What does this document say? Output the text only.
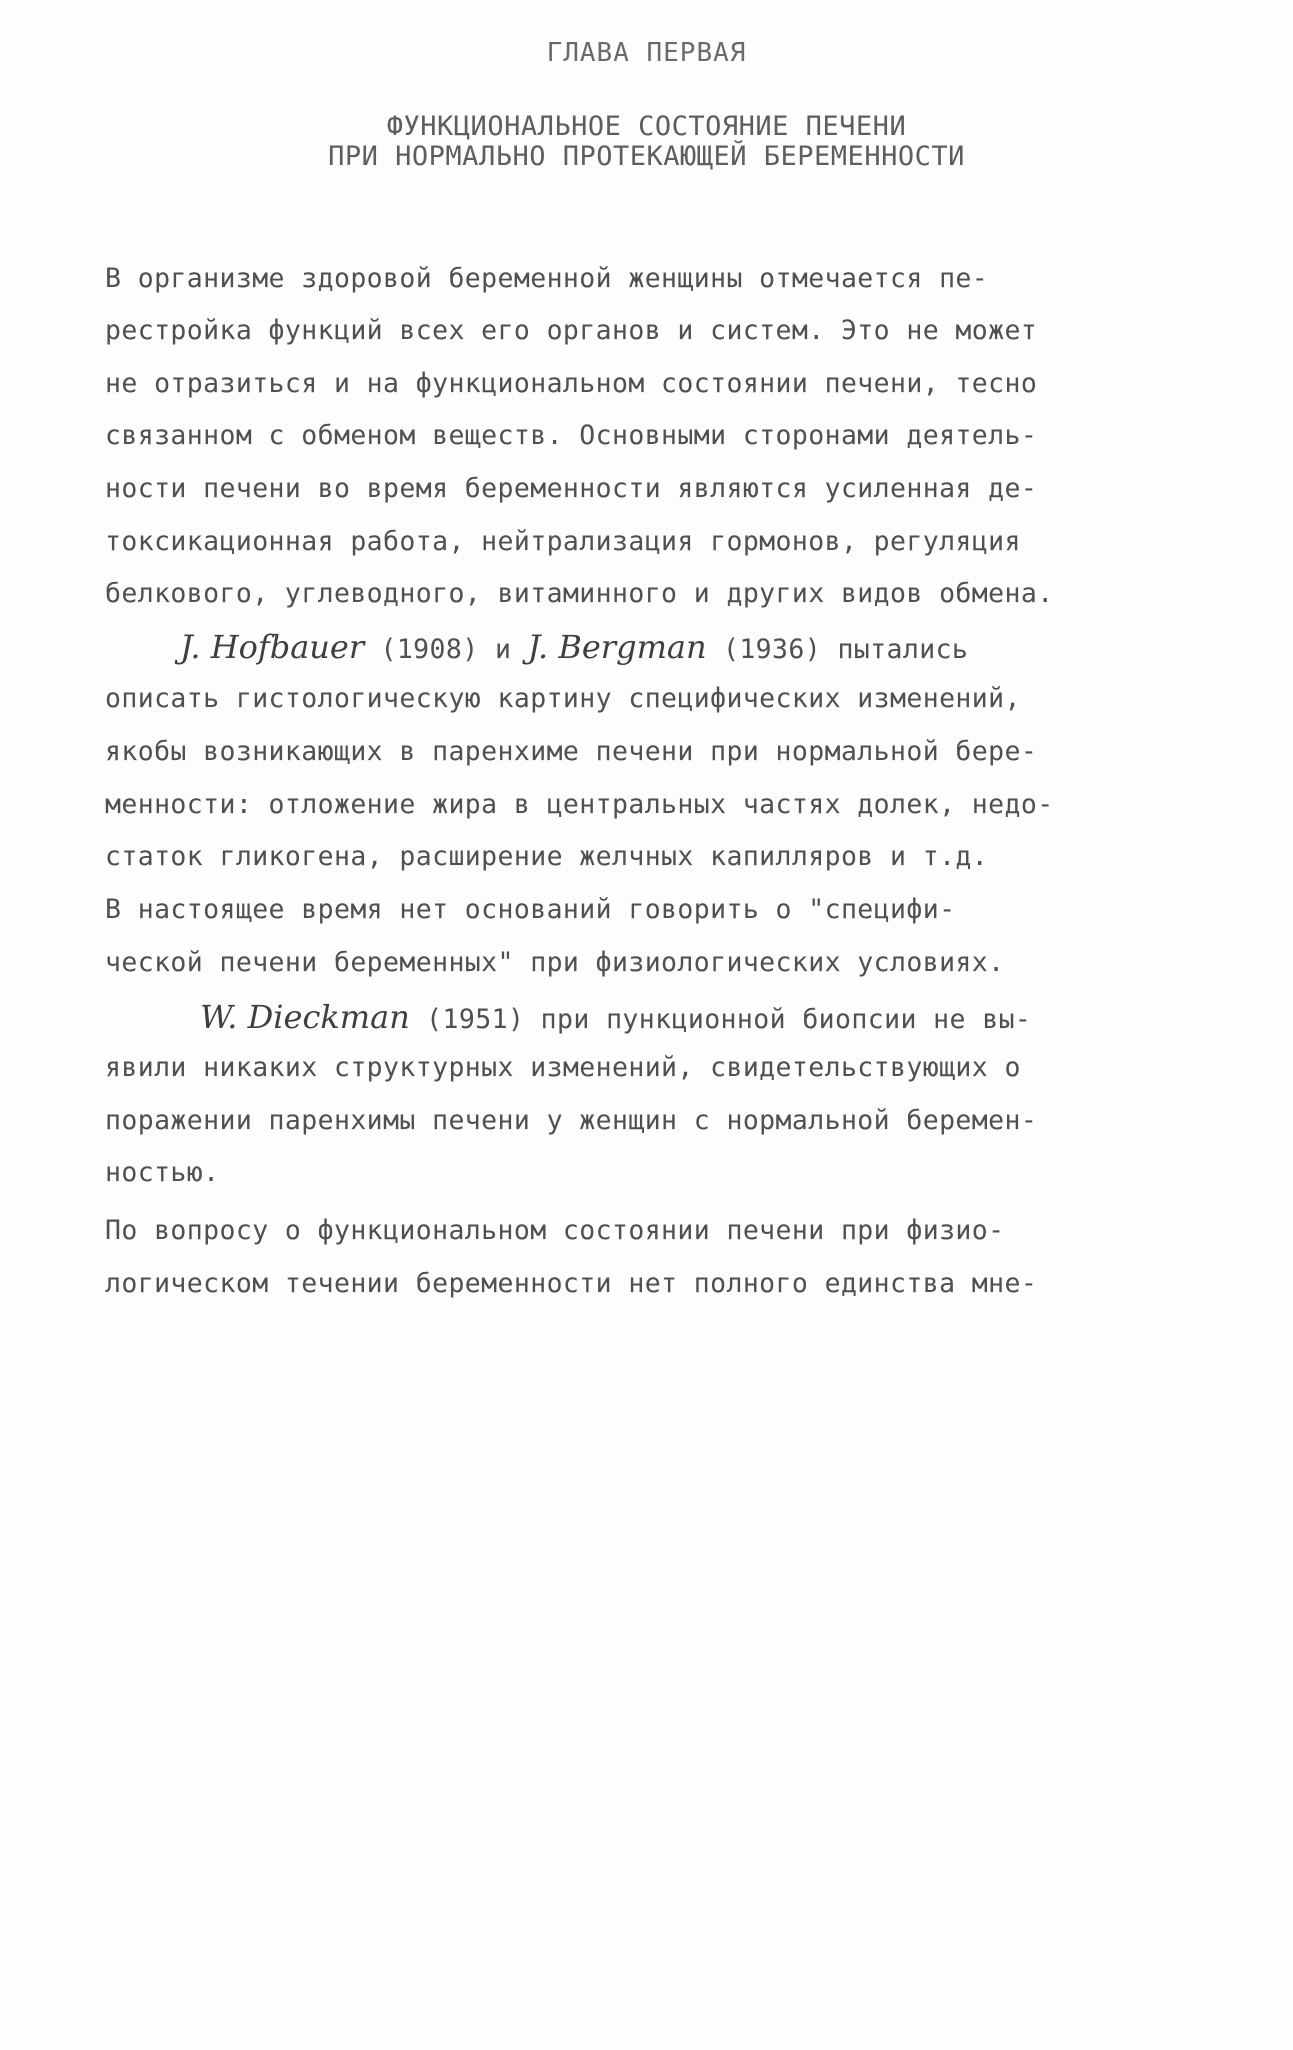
ГЛАВА ПЕРВАЯ
ФУНКЦИОНАЛЬНОЕ СОСТОЯНИЕ ПЕЧЕНИ
ПРИ НОРМАЛЬНО ПРОТЕКАЮЩЕЙ БЕРЕМЕННОСТИ
В организме здоровой беременной женщины отмечается пе-
рестройка функций всех его органов и систем. Это не может
не отразиться и на функциональном состоянии печени, тесно
связанном с обменом веществ. Основными сторонами деятель-
ности печени во время беременности являются усиленная де-
токсикационная работа, нейтрализация гормонов, регуляция
белкового, углеводного, витаминного и других видов обмена.
J. Hofbauer (1908) и J. Bergman (1936) пытались
описать гистологическую картину специфических изменений,
якобы возникающих в паренхиме печени при нормальной бере-
менности: отложение жира в центральных частях долек, недо-
статок гликогена, расширение желчных капилляров и т.д.
В настоящее время нет оснований говорить о "специфи-
ческой печени беременных" при физиологических условиях.
W. Dieckman (1951) при пункционной биопсии не вы-
явили никаких структурных изменений, свидетельствующих о
поражении паренхимы печени у женщин с нормальной беремен-
ностью.
По вопросу о функциональном состоянии печени при физио-
логическом течении беременности нет полного единства мне-
